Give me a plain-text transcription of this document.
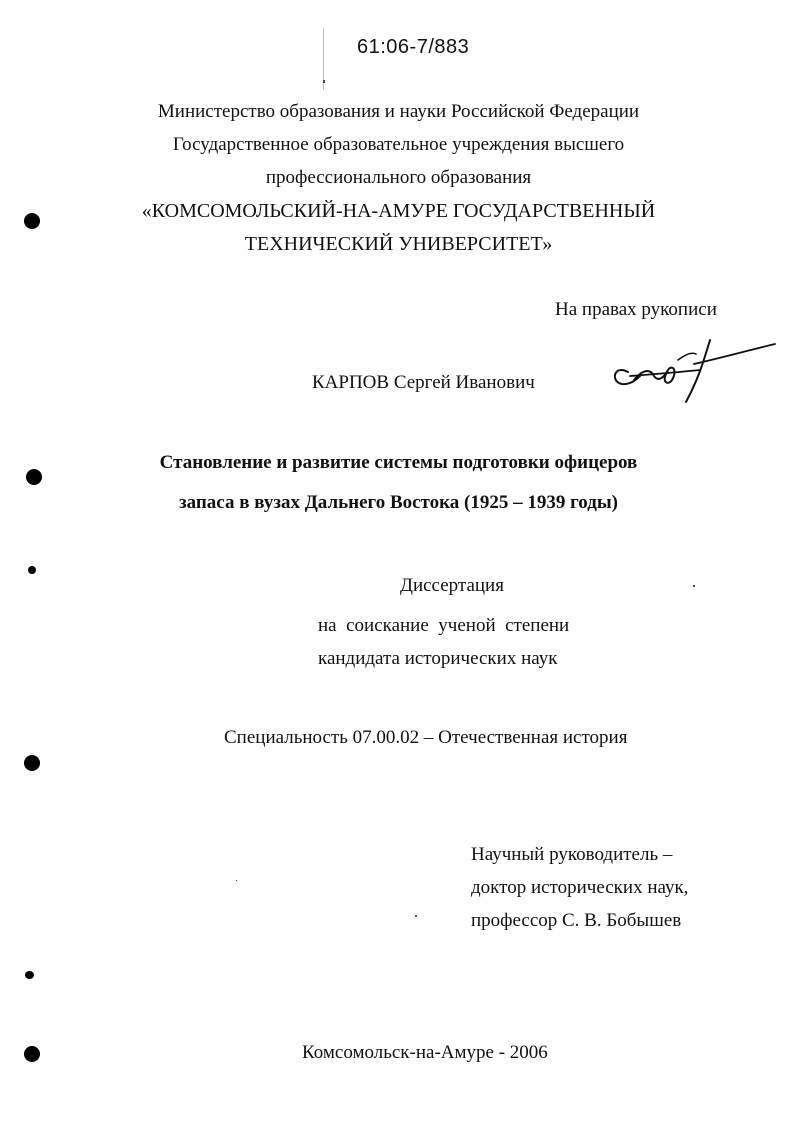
61:06-7/883
Министерство образования и науки Российской Федерации
Государственное образовательное учреждения высшего
профессионального образования
«КОМСОМОЛЬСКИЙ-НА-АМУРЕ ГОСУДАРСТВЕННЫЙ
ТЕХНИЧЕСКИЙ УНИВЕРСИТЕТ»
На правах рукописи
КАРПОВ Сергей Иванович
Становление и развитие системы подготовки офицеров
запаса в вузах Дальнего Востока (1925 – 1939 годы)
Диссертация
на  соискание  ученой  степени
кандидата исторических наук
Специальность 07.00.02 – Отечественная история
Научный руководитель –
доктор исторических наук,
профессор С. В. Бобышев
Комсомольск-на-Амуре - 2006
